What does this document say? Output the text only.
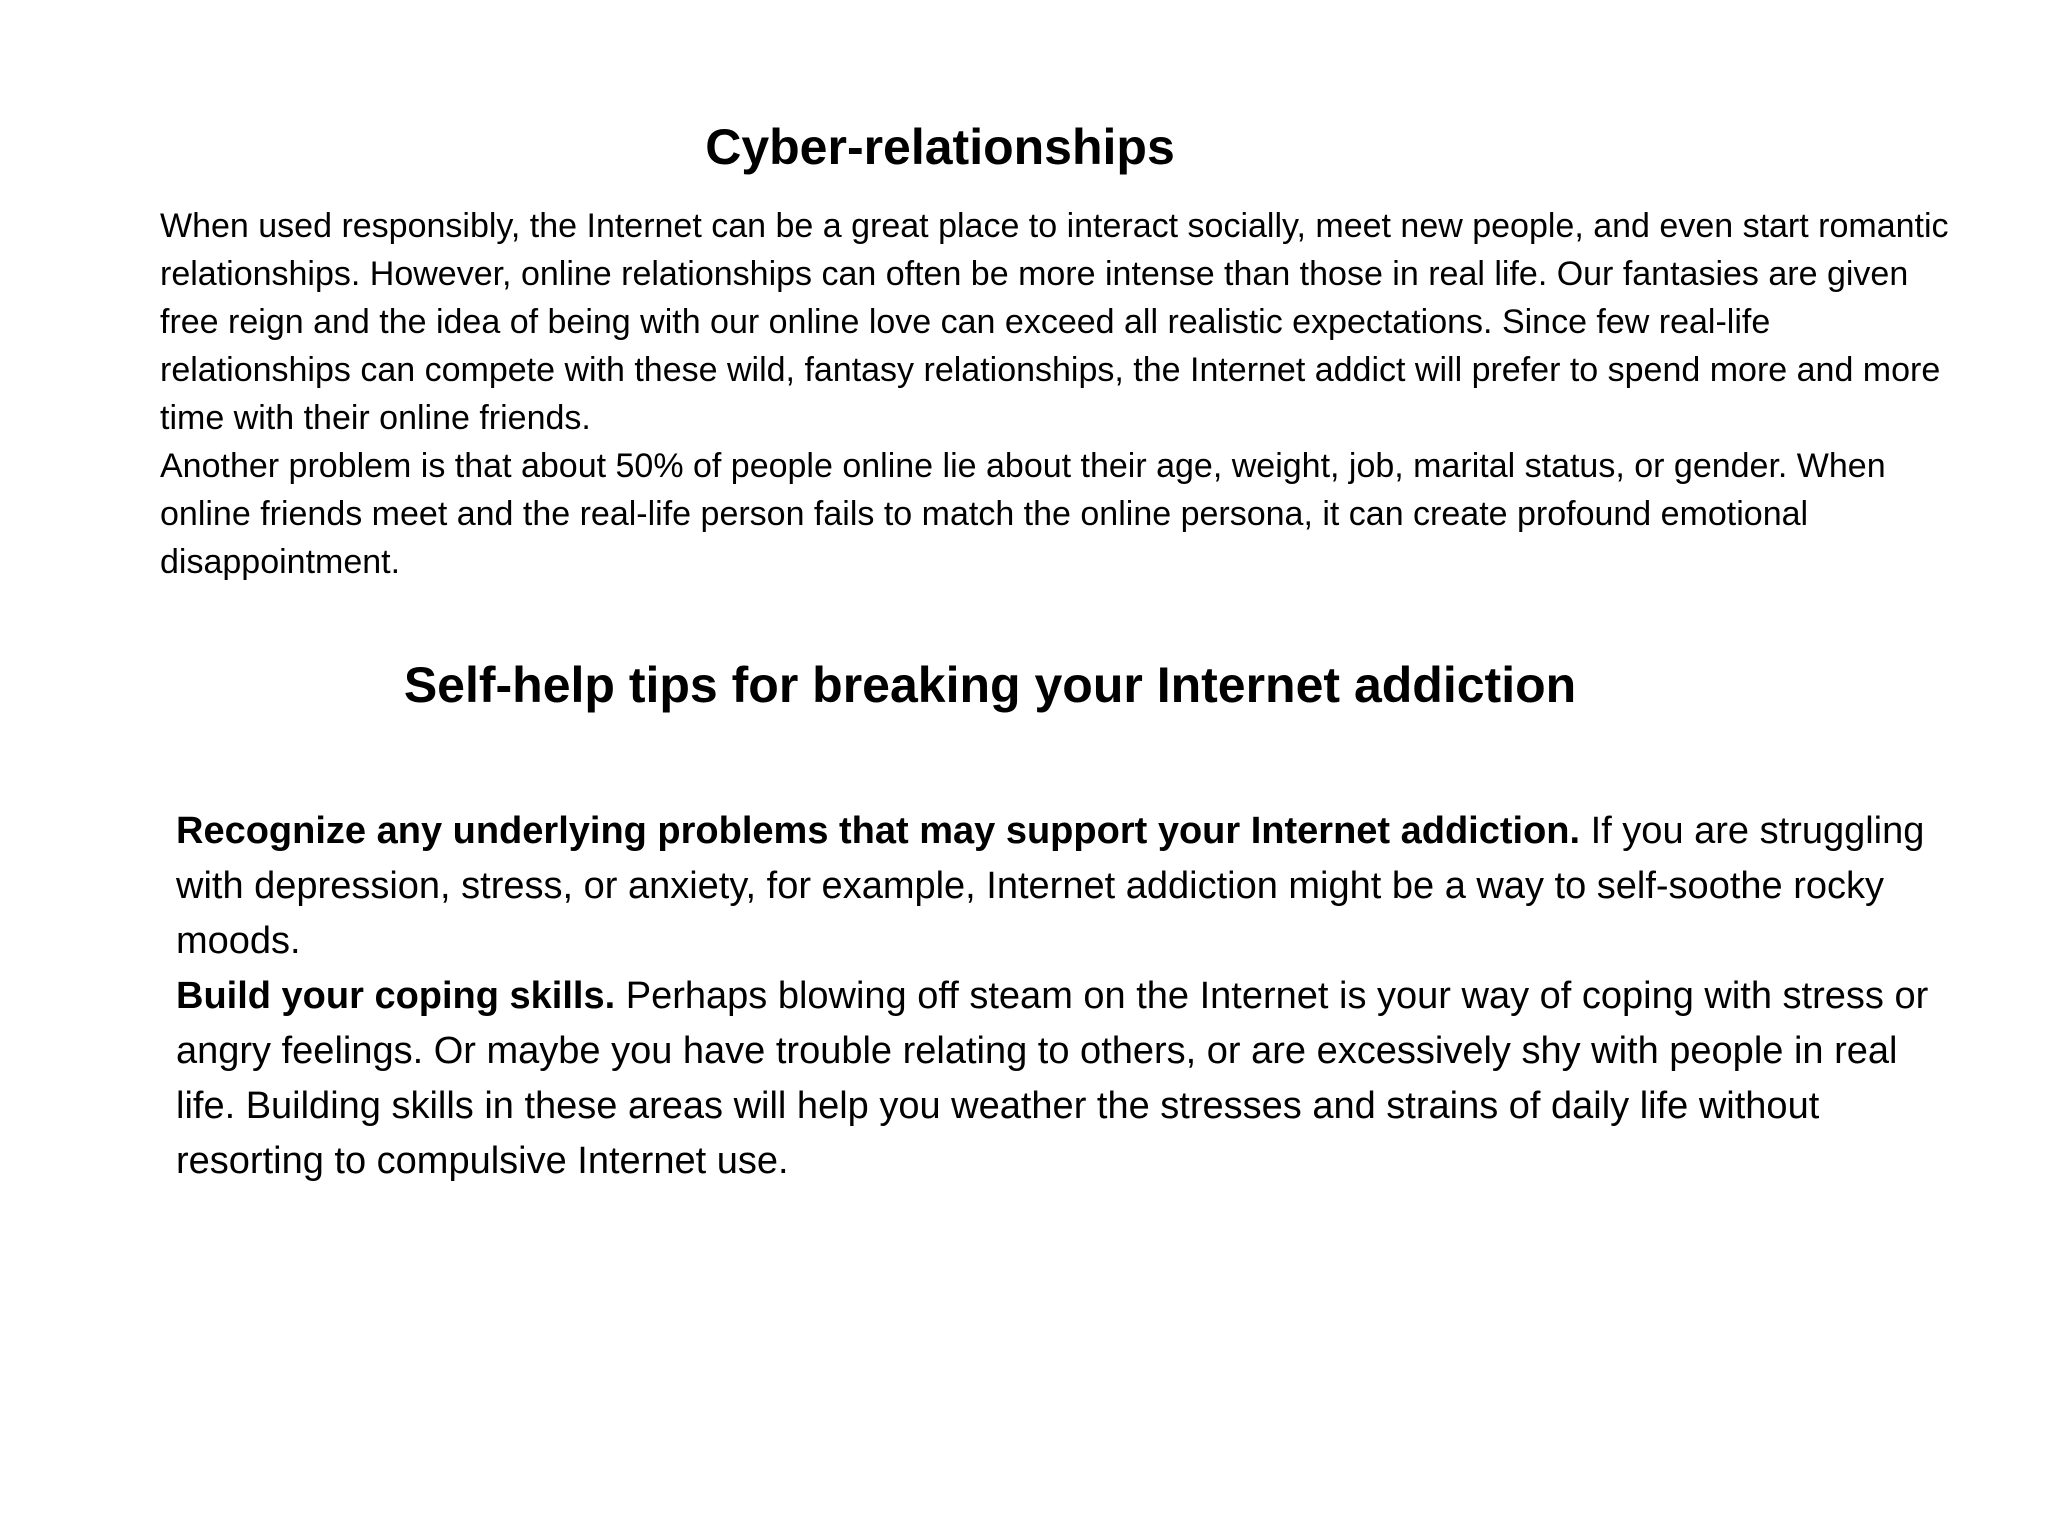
Cyber-relationships

When used responsibly, the Internet can be a great place to interact socially, meet new people, and even start romantic relationships. However, online relationships can often be more intense than those in real life. Our fantasies are given free reign and the idea of being with our online love can exceed all realistic expectations. Since few real-life relationships can compete with these wild, fantasy relationships, the Internet addict will prefer to spend more and more time with their online friends.

Another problem is that about 50% of people online lie about their age, weight, job, marital status, or gender. When online friends meet and the real-life person fails to match the online persona, it can create profound emotional disappointment.

Self-help tips for breaking your Internet addiction

Recognize any underlying problems that may support your Internet addiction. If you are struggling with depression, stress, or anxiety, for example, Internet addiction might be a way to self-soothe rocky moods.

Build your coping skills. Perhaps blowing off steam on the Internet is your way of coping with stress or angry feelings. Or maybe you have trouble relating to others, or are excessively shy with people in real life. Building skills in these areas will help you weather the stresses and strains of daily life without resorting to compulsive Internet use.
